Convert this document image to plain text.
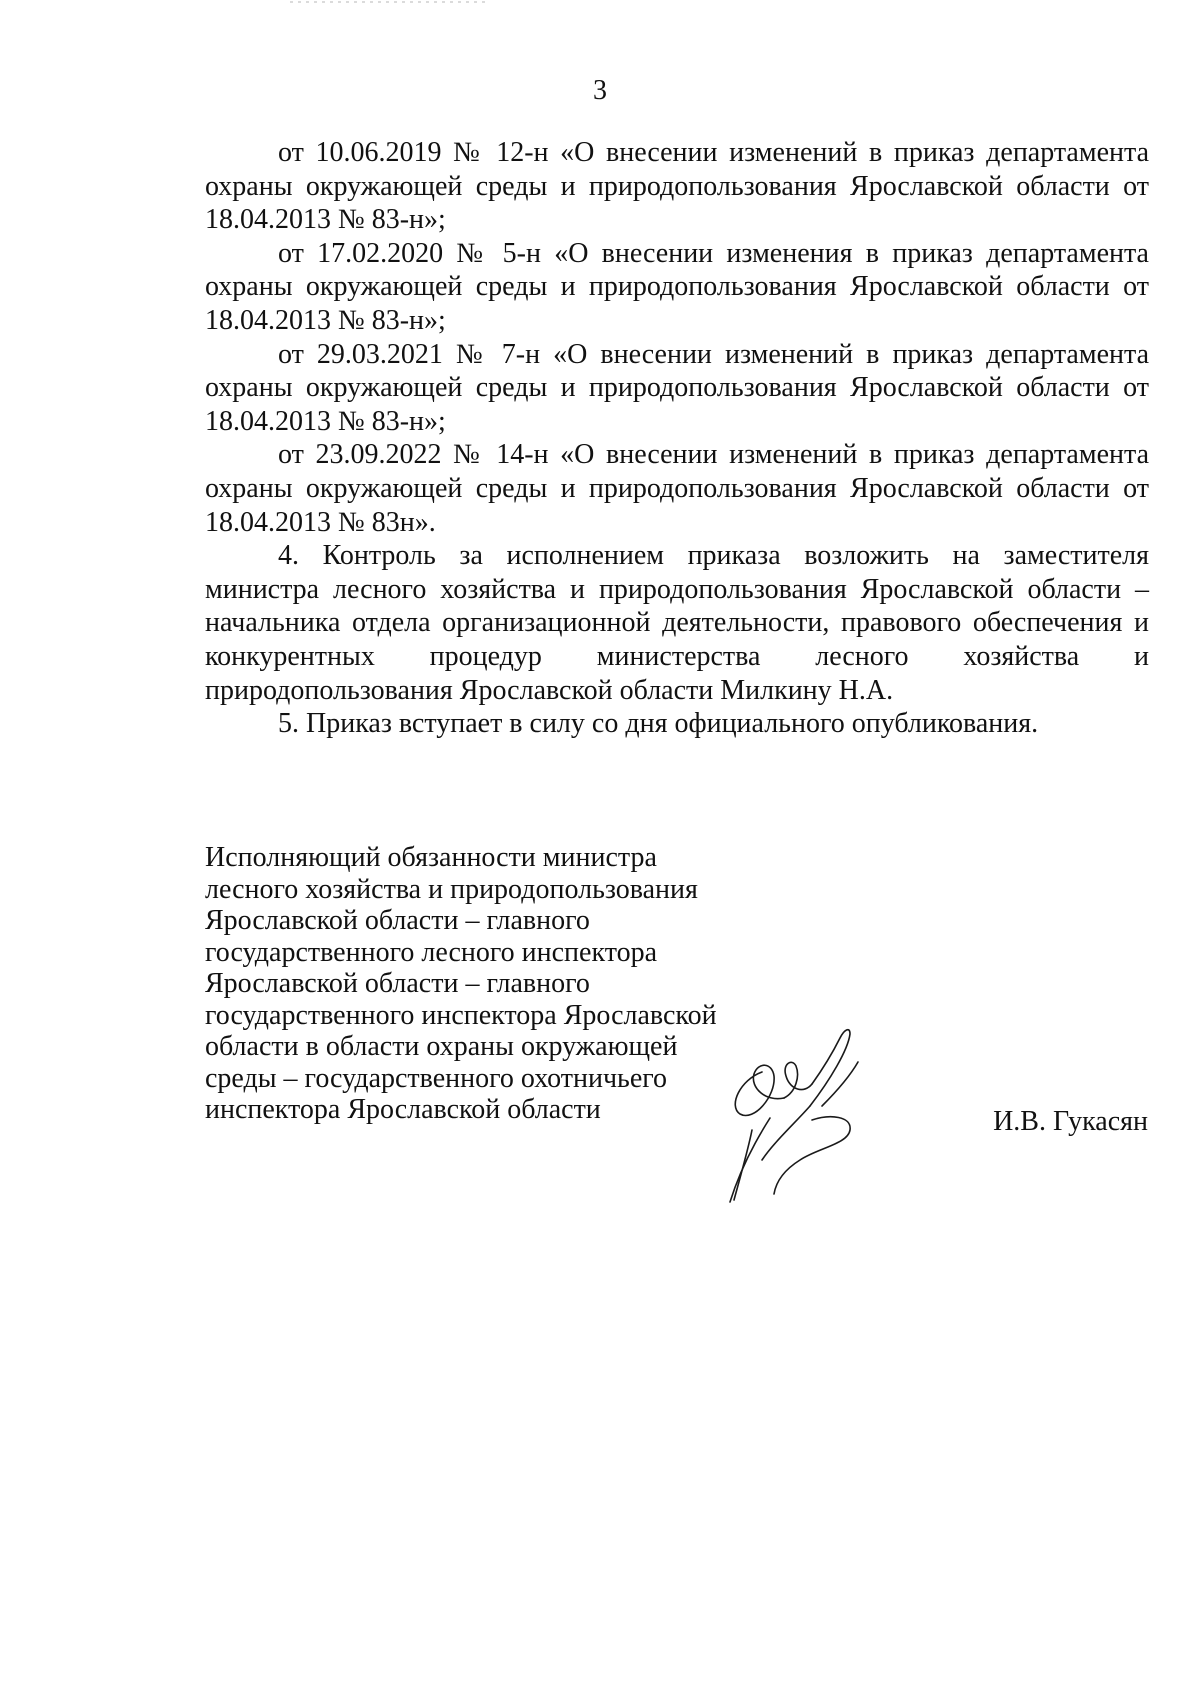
3

от 10.06.2019 № 12-н «О внесении изменений в приказ департамента охраны окружающей среды и природопользования Ярославской области от 18.04.2013 № 83-н»;

от 17.02.2020 № 5-н «О внесении изменения в приказ департамента охраны окружающей среды и природопользования Ярославской области от 18.04.2013 № 83-н»;

от 29.03.2021 № 7-н «О внесении изменений в приказ департамента охраны окружающей среды и природопользования Ярославской области от 18.04.2013 № 83-н»;

от 23.09.2022 № 14-н «О внесении изменений в приказ департамента охраны окружающей среды и природопользования Ярославской области от 18.04.2013 № 83н».

4. Контроль за исполнением приказа возложить на заместителя министра лесного хозяйства и природопользования Ярославской области – начальника отдела организационной деятельности, правового обеспечения и конкурентных процедур министерства лесного хозяйства и природопользования Ярославской области Милкину Н.А.

5. Приказ вступает в силу со дня официального опубликования.

Исполняющий обязанности министра
лесного хозяйства и природопользования
Ярославской области – главного
государственного лесного инспектора
Ярославской области – главного
государственного инспектора Ярославской
области в области охраны окружающей
среды – государственного охотничьего
инспектора Ярославской области	И.В. Гукасян
